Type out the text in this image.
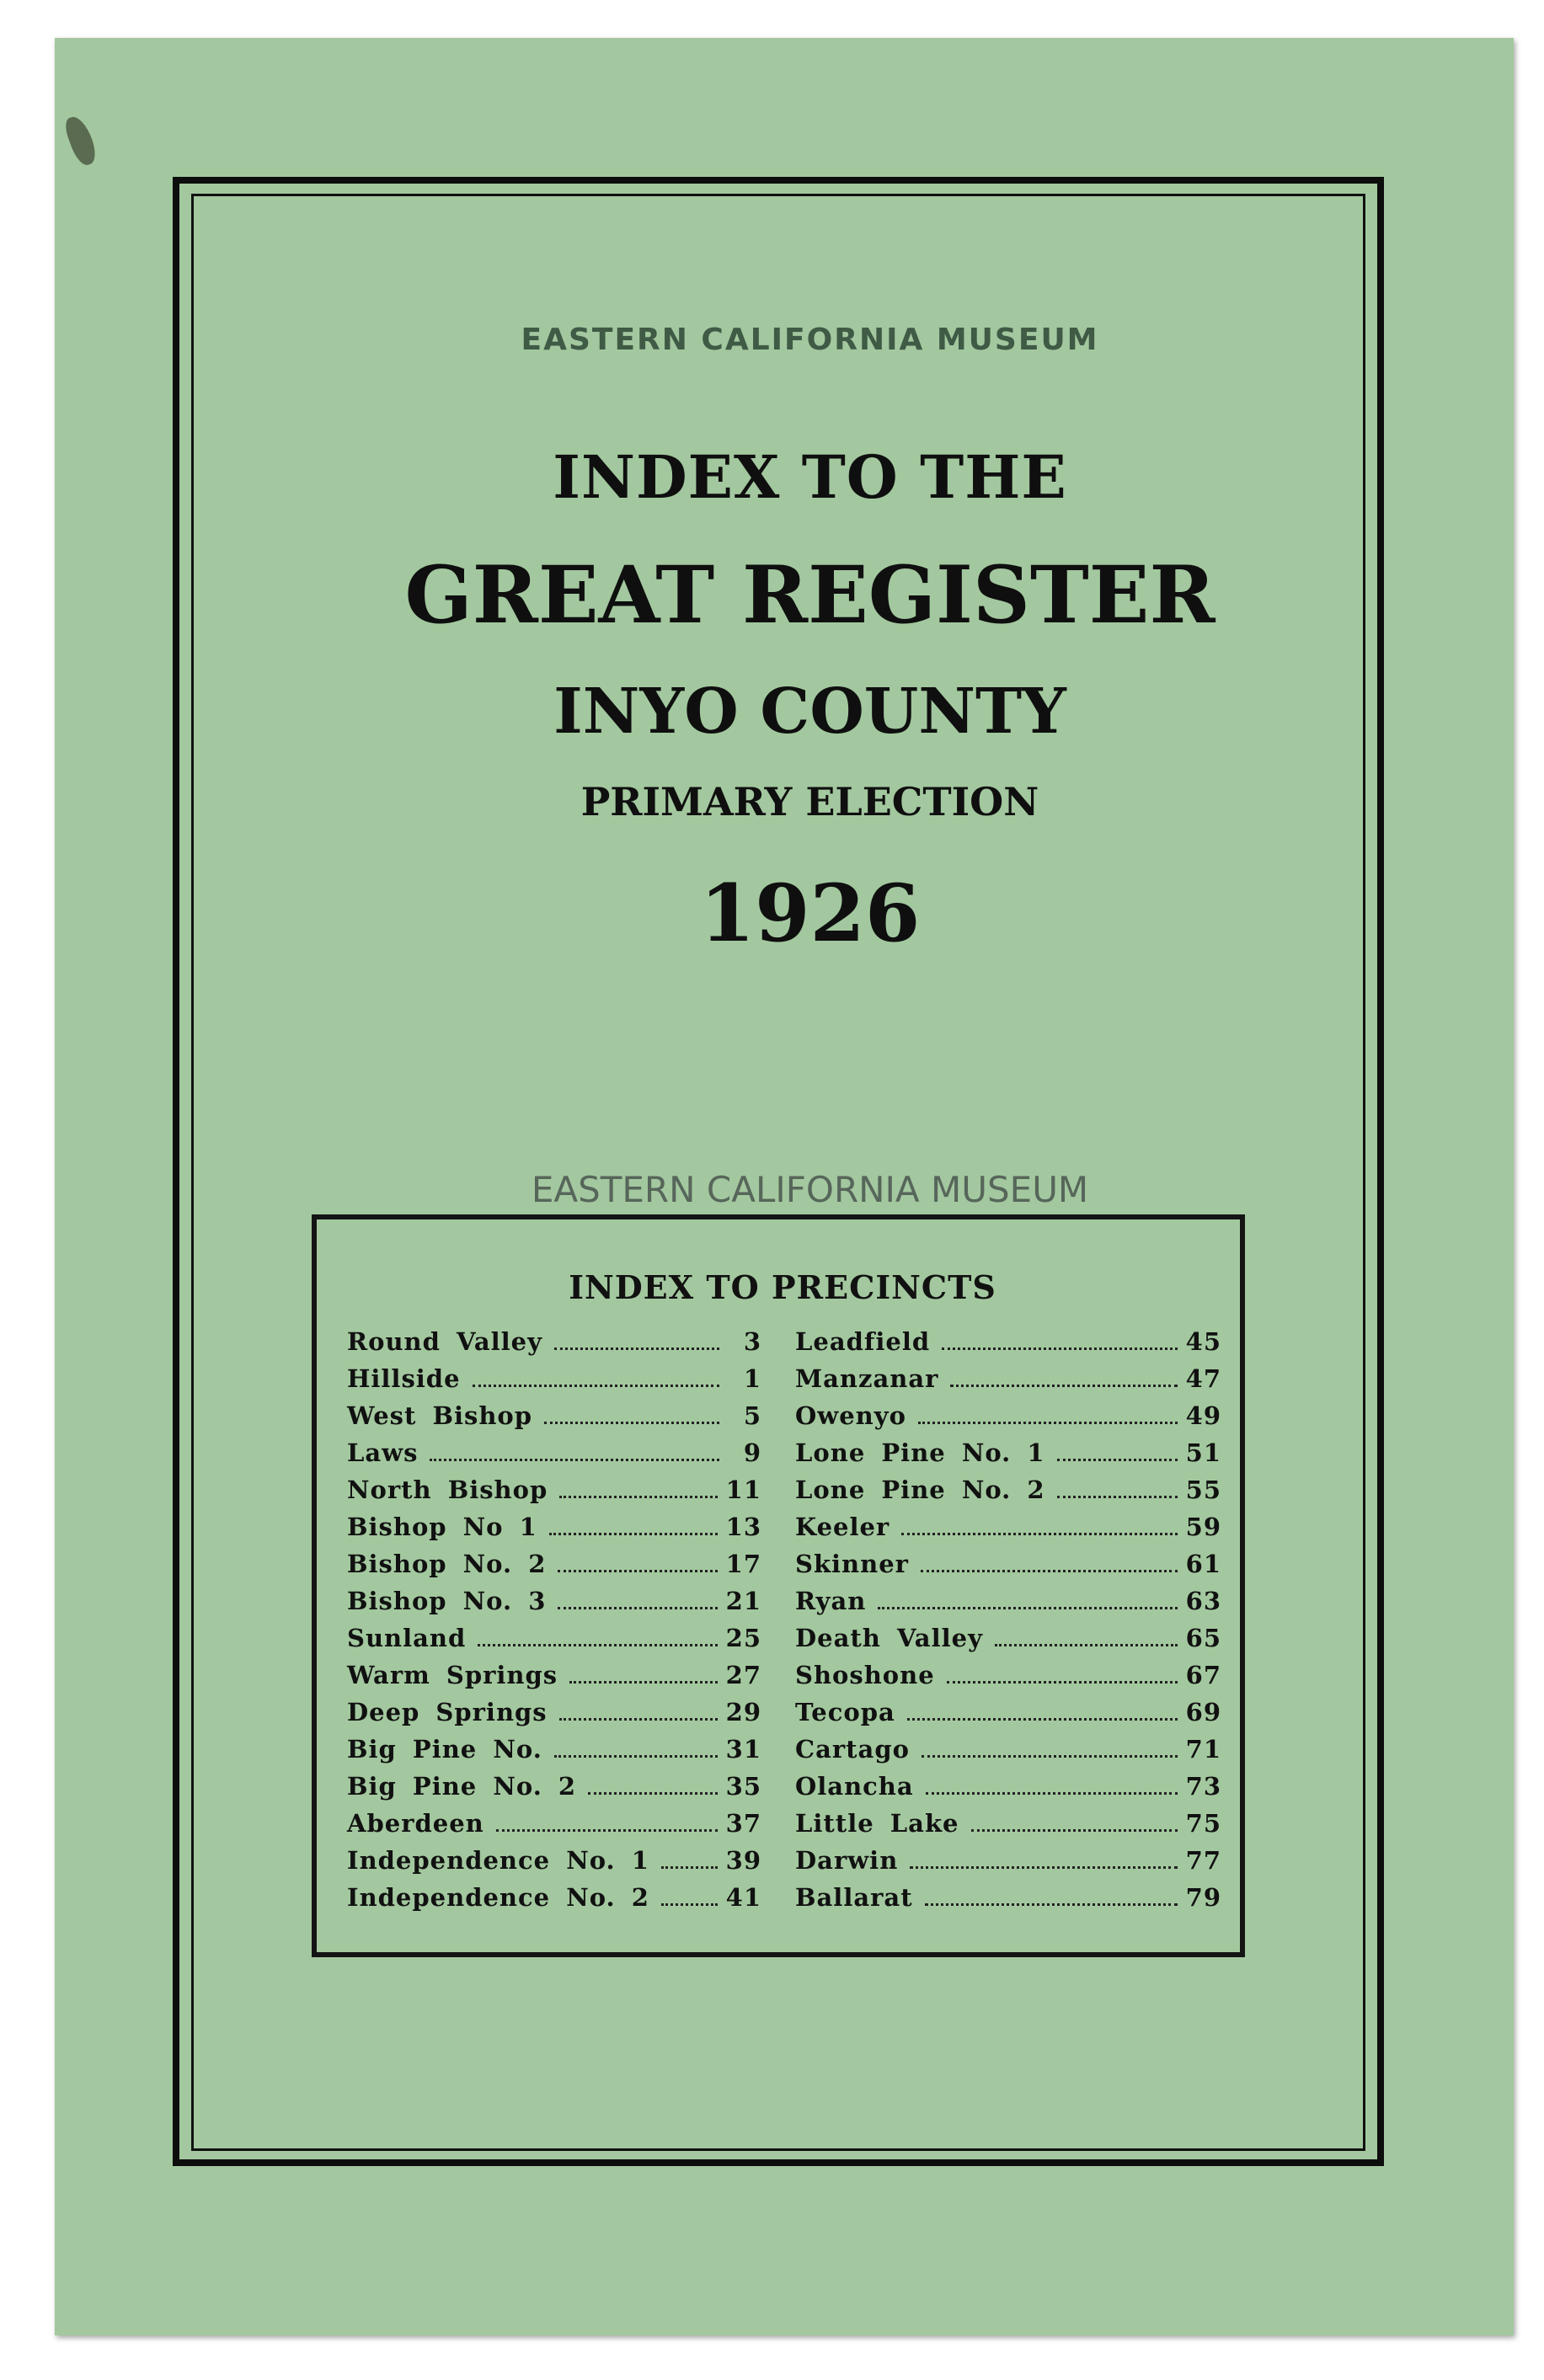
EASTERN CALIFORNIA MUSEUM
INDEX TO THE
GREAT REGISTER
INYO COUNTY
PRIMARY ELECTION
1926
EASTERN CALIFORNIA MUSEUM
INDEX TO PRECINCTS
Round Valley	3
Hillside	1
West Bishop	5
Laws	9
North Bishop	11
Bishop No 1	13
Bishop No. 2	17
Bishop No. 3	21
Sunland	25
Warm Springs	27
Deep Springs	29
Big Pine No.	31
Big Pine No. 2	35
Aberdeen	37
Independence No. 1	39
Independence No. 2	41
Leadfield	45
Manzanar	47
Owenyo	49
Lone Pine No. 1	51
Lone Pine No. 2	55
Keeler	59
Skinner	61
Ryan	63
Death Valley	65
Shoshone	67
Tecopa	69
Cartago	71
Olancha	73
Little Lake	75
Darwin	77
Ballarat	79
